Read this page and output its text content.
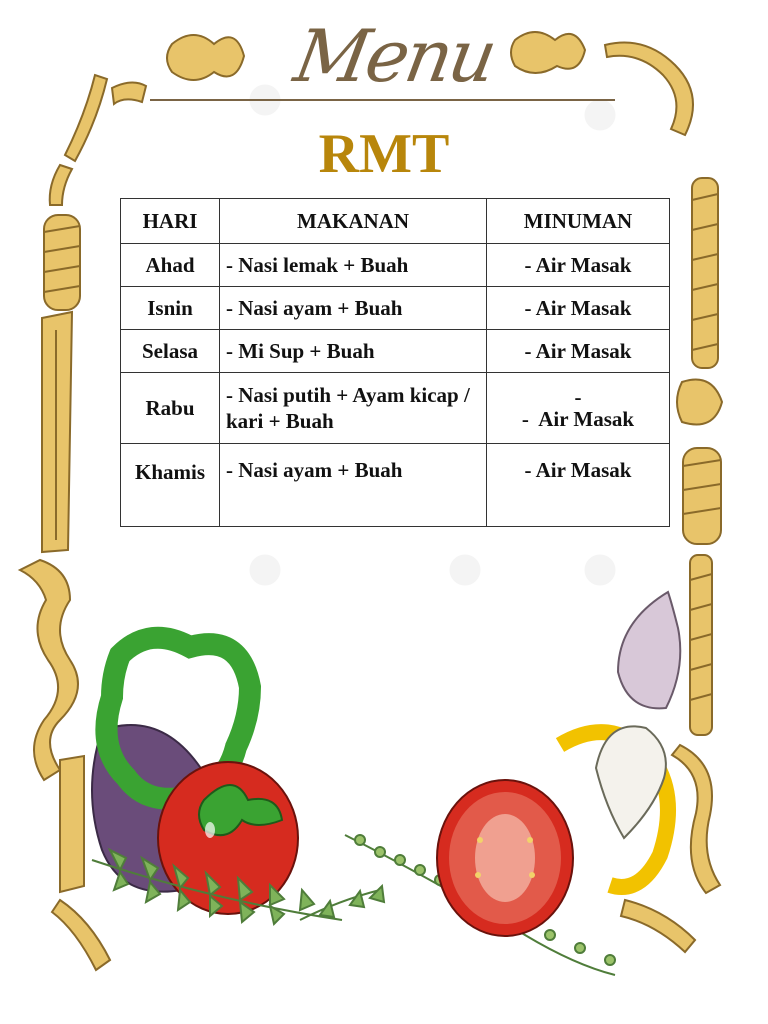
Menu
RMT
HARI	MAKANAN	MINUMAN
Ahad	- Nasi lemak + Buah	- Air Masak
Isnin	- Nasi ayam + Buah	- Air Masak
Selasa	- Mi Sup + Buah	- Air Masak
Rabu	- Nasi putih + Ayam kicap / kari + Buah	-
-  Air Masak

Khamis	- Nasi ayam + Buah	- Air Masak
